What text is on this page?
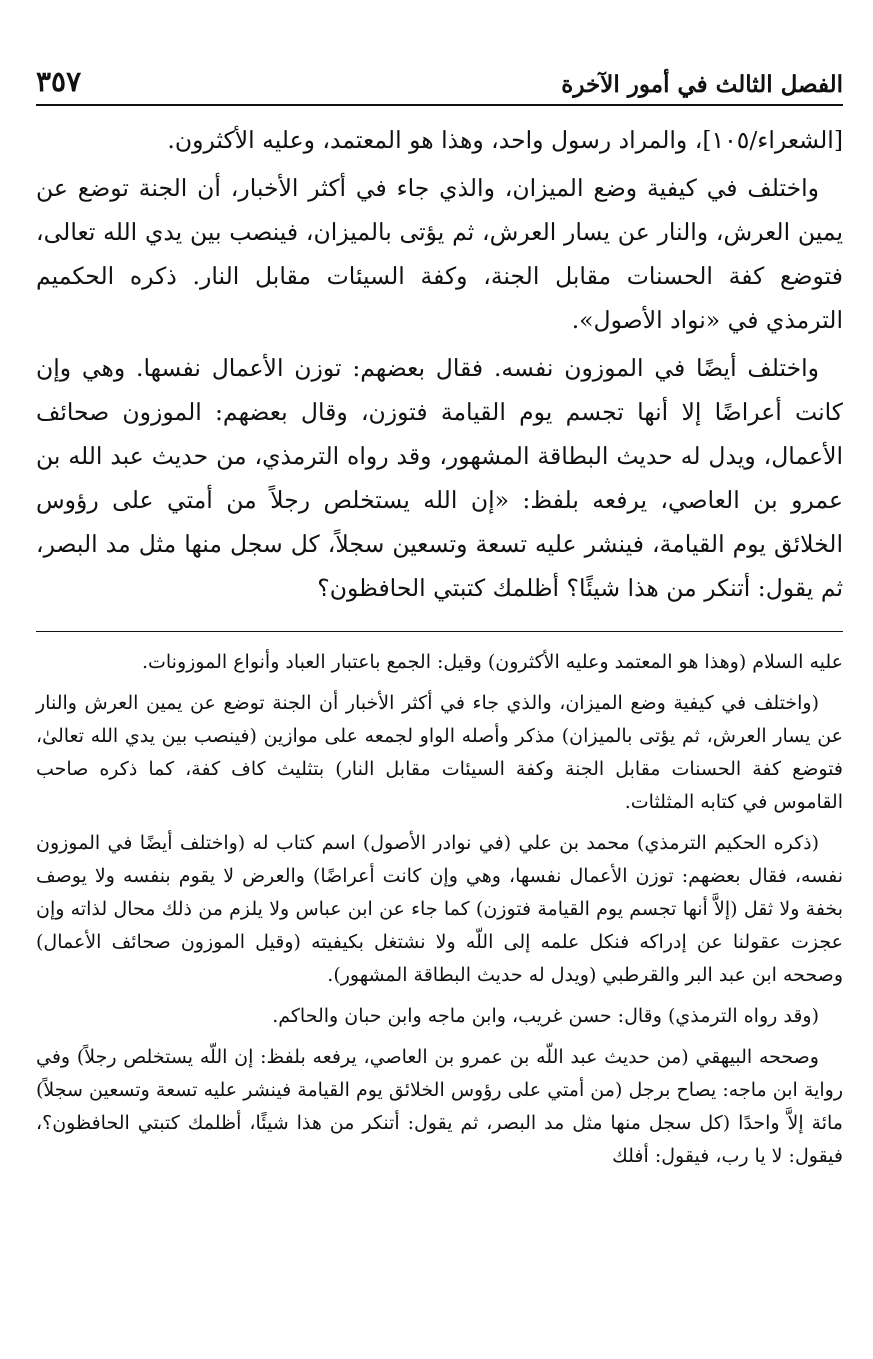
الفصل الثالث في أمور الآخرة
٣٥٧

[الشعراء/١٠٥]، والمراد رسول واحد، وهذا هو المعتمد، وعليه الأكثرون.

واختلف في كيفية وضع الميزان، والذي جاء في أكثر الأخبار، أن الجنة توضع عن يمين العرش، والنار عن يسار العرش، ثم يؤتى بالميزان، فينصب بين يدي الله تعالى، فتوضع كفة الحسنات مقابل الجنة، وكفة السيئات مقابل النار. ذكره الحكميم الترمذي في «نواد الأصول».

واختلف أيضًا في الموزون نفسه. فقال بعضهم: توزن الأعمال نفسها. وهي وإن كانت أعراضًا إلا أنها تجسم يوم القيامة فتوزن، وقال بعضهم: الموزون صحائف الأعمال، ويدل له حديث البطاقة المشهور، وقد رواه الترمذي، من حديث عبد الله بن عمرو بن العاصي، يرفعه بلفظ: «إن الله يستخلص رجلاً من أمتي على رؤوس الخلائق يوم القيامة، فينشر عليه تسعة وتسعين سجلاً، كل سجل منها مثل مد البصر، ثم يقول: أتنكر من هذا شيئًا؟ أظلمك كتبتي الحافظون؟

عليه السلام (وهذا هو المعتمد وعليه الأكثرون) وقيل: الجمع باعتبار العباد وأنواع الموزونات.

(واختلف في كيفية وضع الميزان، والذي جاء في أكثر الأخبار أن الجنة توضع عن يمين العرش والنار عن يسار العرش، ثم يؤتى بالميزان) مذكر وأصله الواو لجمعه على موازين (فينصب بين يدي الله تعالىٰ، فتوضع كفة الحسنات مقابل الجنة وكفة السيئات مقابل النار) بتثليث كاف كفة، كما ذكره صاحب القاموس في كتابه المثلثات.

(ذكره الحكيم الترمذي) محمد بن علي (في نوادر الأصول) اسم كتاب له (واختلف أيضًا في الموزون نفسه، فقال بعضهم: توزن الأعمال نفسها، وهي وإن كانت أعراضًا) والعرض لا يقوم بنفسه ولا يوصف بخفة ولا ثقل (إلاَّ أنها تجسم يوم القيامة فتوزن) كما جاء عن ابن عباس ولا يلزم من ذلك محال لذاته وإن عجزت عقولنا عن إدراكه فنكل علمه إلى اللّه ولا نشتغل بكيفيته (وقيل الموزون صحائف الأعمال) وصححه ابن عبد البر والقرطبي (ويدل له حديث البطاقة المشهور).

(وقد رواه الترمذي) وقال: حسن غريب، وابن ماجه وابن حبان والحاكم.

وصححه البيهقي (من حديث عبد اللّه بن عمرو بن العاصي، يرفعه بلفظ: إن اللّه يستخلص رجلاً) وفي رواية ابن ماجه: يصاح برجل (من أمتي على رؤوس الخلائق يوم القيامة فينشر عليه تسعة وتسعين سجلاً) مائة إلاَّ واحدًا (كل سجل منها مثل مد البصر، ثم يقول: أتنكر من هذا شيئًا، أظلمك كتبتي الحافظون؟، فيقول: لا يا رب، فيقول: أفلك
